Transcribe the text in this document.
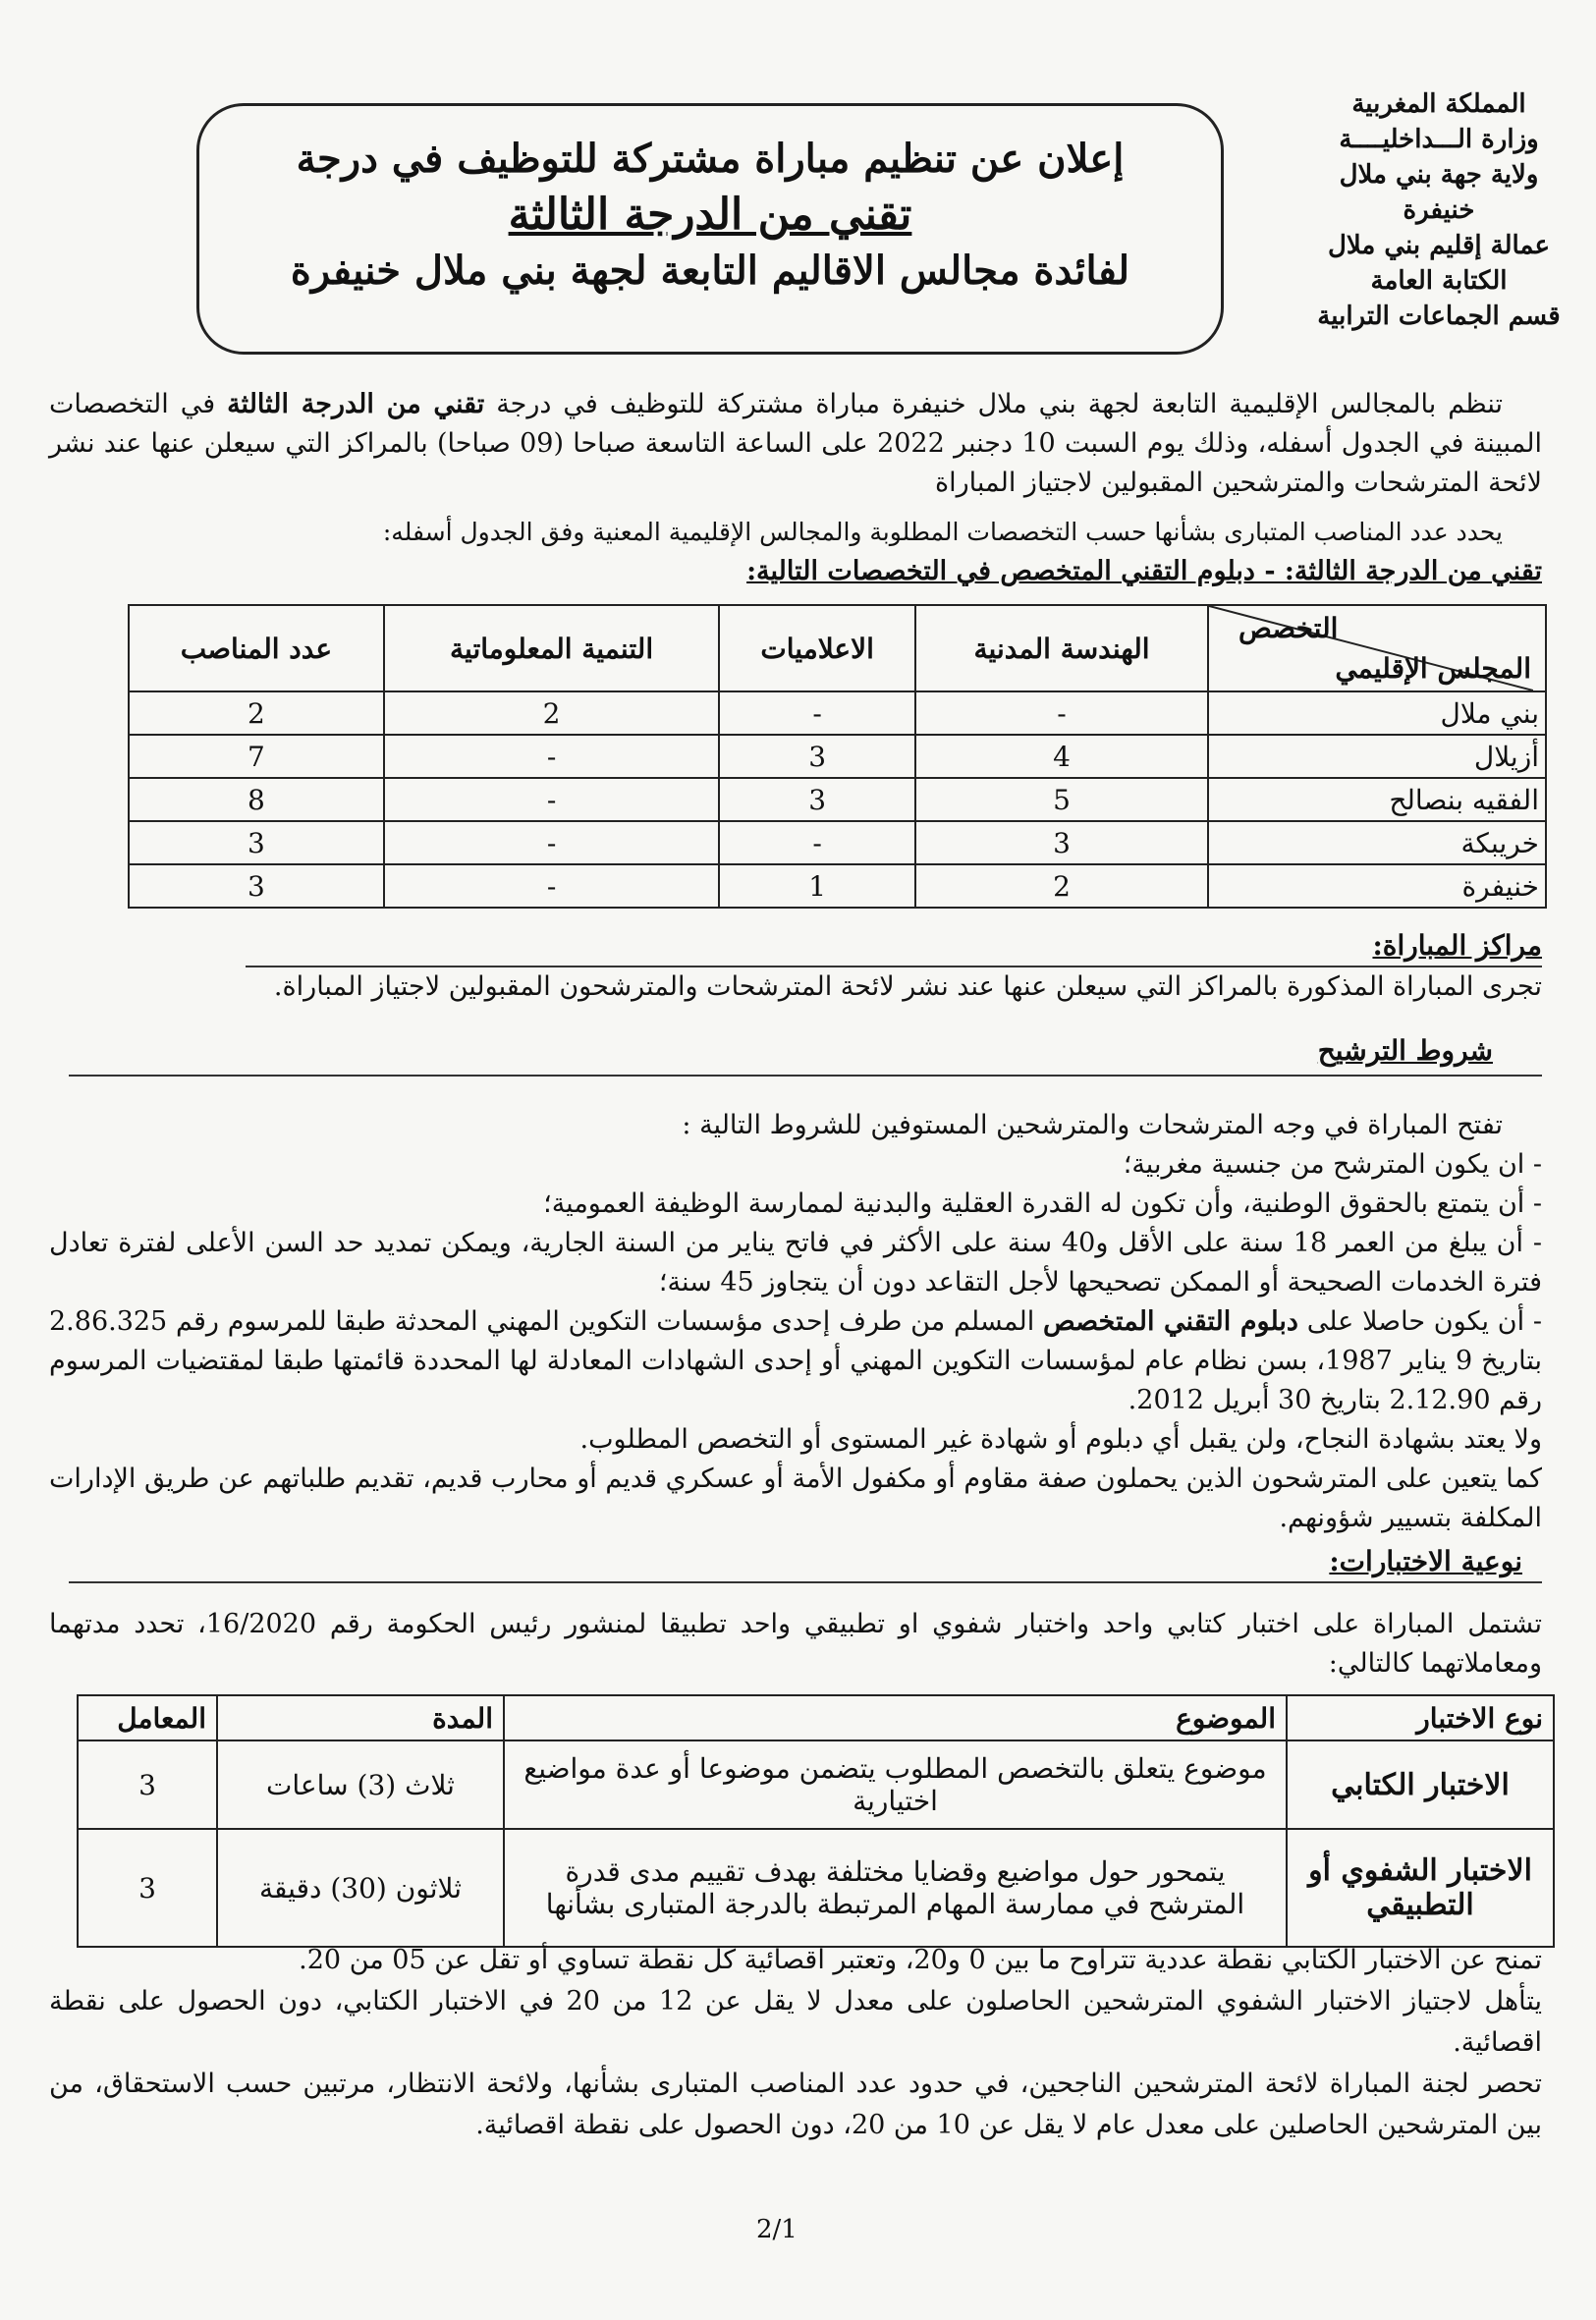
المملكة المغربية
وزارة الـــداخليــــة
ولاية جهة بني ملال خنيفرة
عمالة إقليم بني ملال
الكتابة العامة
قسم الجماعات الترابية
إعلان عن تنظيم مباراة مشتركة للتوظيف في درجة
تقني من الدرجة الثالثة
لفائدة مجالس الاقاليم التابعة لجهة بني ملال خنيفرة
تنظم بالمجالس الإقليمية التابعة لجهة بني ملال خنيفرة مباراة مشتركة للتوظيف في درجة تقني من الدرجة الثالثة في التخصصات المبينة في الجدول أسفله، وذلك يوم السبت 10 دجنبر 2022 على الساعة التاسعة صباحا (09 صباحا) بالمراكز التي سيعلن عنها عند نشر لائحة المترشحات والمترشحين المقبولين لاجتياز المباراة
يحدد عدد المناصب المتبارى بشأنها حسب التخصصات المطلوبة والمجالس الإقليمية المعنية وفق الجدول أسفله:
تقني من الدرجة الثالثة: - دبلوم التقني المتخصص في التخصصات التالية:
التخصص
المجلس الإقليمي	الهندسة المدنية	الاعلاميات	التنمية المعلوماتية	عدد المناصب
بني ملال	-	-	2	2
أزيلال	4	3	-	7
الفقيه بنصالح	5	3	-	8
خريبكة	3	-	-	3
خنيفرة	2	1	-	3
مراكز المباراة:
تجرى المباراة المذكورة بالمراكز التي سيعلن عنها عند نشر لائحة المترشحات والمترشحون المقبولين لاجتياز المباراة.
شروط الترشيح
تفتح المباراة في وجه المترشحات والمترشحين المستوفين للشروط التالية :
- ان يكون المترشح من جنسية مغربية؛
- أن يتمتع بالحقوق الوطنية، وأن تكون له القدرة العقلية والبدنية لممارسة الوظيفة العمومية؛
- أن يبلغ من العمر 18 سنة على الأقل و40 سنة على الأكثر في فاتح يناير من السنة الجارية، ويمكن تمديد حد السن الأعلى لفترة تعادل فترة الخدمات الصحيحة أو الممكن تصحيحها لأجل التقاعد دون أن يتجاوز 45 سنة؛
- أن يكون حاصلا على دبلوم التقني المتخصص المسلم من طرف إحدى مؤسسات التكوين المهني المحدثة طبقا للمرسوم رقم 2.86.325 بتاريخ 9 يناير 1987، بسن نظام عام لمؤسسات التكوين المهني أو إحدى الشهادات المعادلة لها المحددة قائمتها طبقا لمقتضيات المرسوم رقم 2.12.90 بتاريخ 30 أبريل 2012.
ولا يعتد بشهادة النجاح، ولن يقبل أي دبلوم أو شهادة غير المستوى أو التخصص المطلوب.
كما يتعين على المترشحون الذين يحملون صفة مقاوم أو مكفول الأمة أو عسكري قديم أو محارب قديم، تقديم طلباتهم عن طريق الإدارات المكلفة بتسيير شؤونهم.
نوعية الاختبارات:
تشتمل المباراة على اختبار كتابي واحد واختبار شفوي او تطبيقي واحد تطبيقا لمنشور رئيس الحكومة رقم 16/2020، تحدد مدتهما ومعاملاتهما كالتالي:
نوع الاختبار	الموضوع	المدة	المعامل
الاختبار الكتابي	موضوع يتعلق بالتخصص المطلوب يتضمن موضوعا أو عدة مواضيع اختيارية	ثلاث (3) ساعات	3
الاختبار الشفوي أو التطبيقي	يتمحور حول مواضيع وقضايا مختلفة بهدف تقييم مدى قدرة المترشح في ممارسة المهام المرتبطة بالدرجة المتبارى بشأنها	ثلاثون (30) دقيقة	3
تمنح عن الاختبار الكتابي نقطة عددية تتراوح ما بين 0 و20، وتعتبر اقصائية كل نقطة تساوي أو تقل عن 05 من 20.
يتأهل لاجتياز الاختبار الشفوي المترشحين الحاصلون على معدل لا يقل عن 12 من 20 في الاختبار الكتابي، دون الحصول على نقطة اقصائية.
تحصر لجنة المباراة لائحة المترشحين الناجحين، في حدود عدد المناصب المتبارى بشأنها، ولائحة الانتظار، مرتبين حسب الاستحقاق، من بين المترشحين الحاصلين على معدل عام لا يقل عن 10 من 20، دون الحصول على نقطة اقصائية.
2/1
